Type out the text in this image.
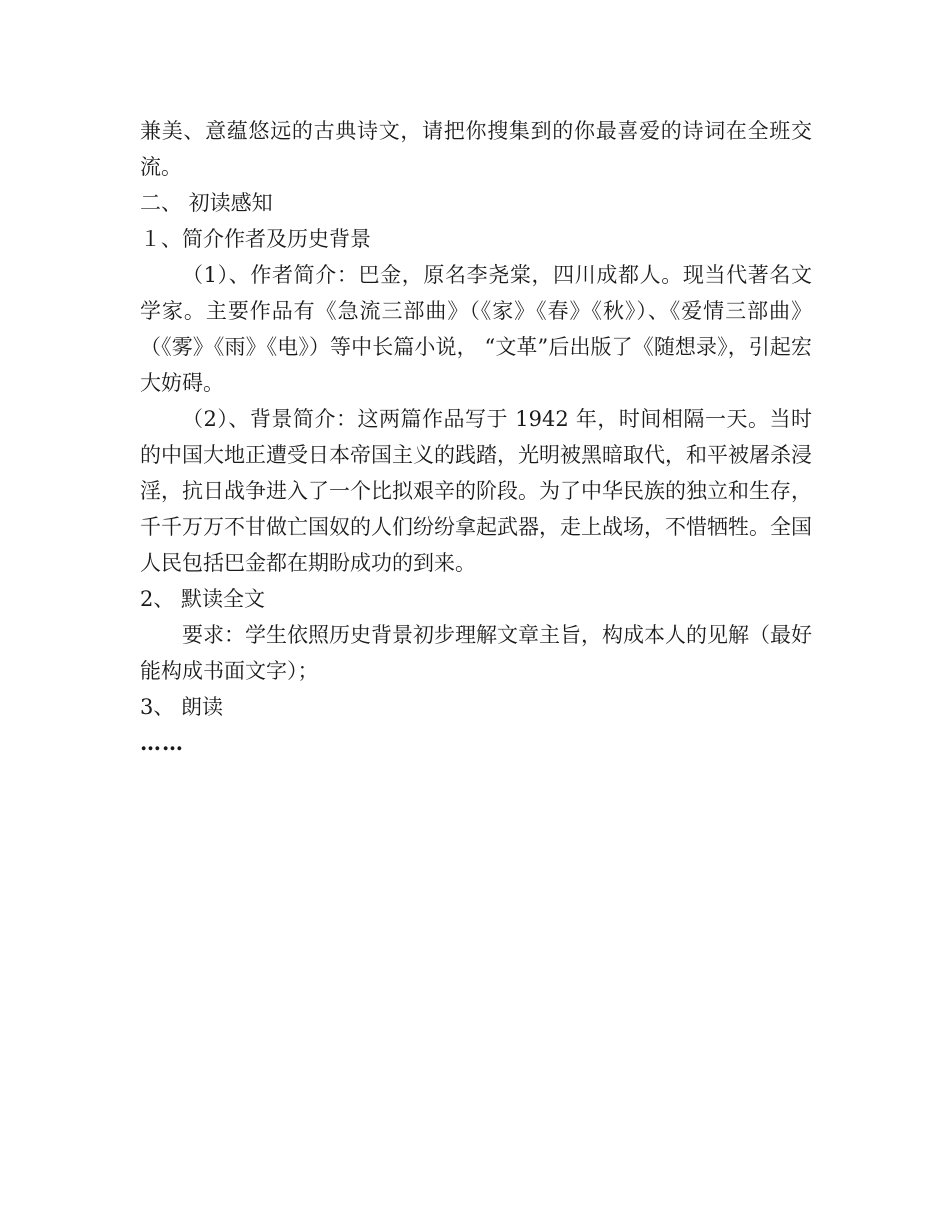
兼美、意蕴悠远的古典诗文，请把你搜集到的你最喜爱的诗词在全班交流。

二、 初读感知

１、简介作者及历史背景

（1）、作者简介：巴金，原名李尧棠，四川成都人。现当代著名文学家。主要作品有《急流三部曲》（《家》《春》《秋》）、《爱情三部曲》（《雾》《雨》《电》）等中长篇小说， “文革”后出版了《随想录》，引起宏大妨碍。

（2）、背景简介：这两篇作品写于 1942 年，时间相隔一天。当时的中国大地正遭受日本帝国主义的践踏，光明被黑暗取代，和平被屠杀浸淫，抗日战争进入了一个比拟艰辛的阶段。为了中华民族的独立和生存，千千万万不甘做亡国奴的人们纷纷拿起武器，走上战场，不惜牺牲。全国人民包括巴金都在期盼成功的到来。

2、 默读全文

要求：学生依照历史背景初步理解文章主旨，构成本人的见解（最好能构成书面文字）；

3、 朗读

……
